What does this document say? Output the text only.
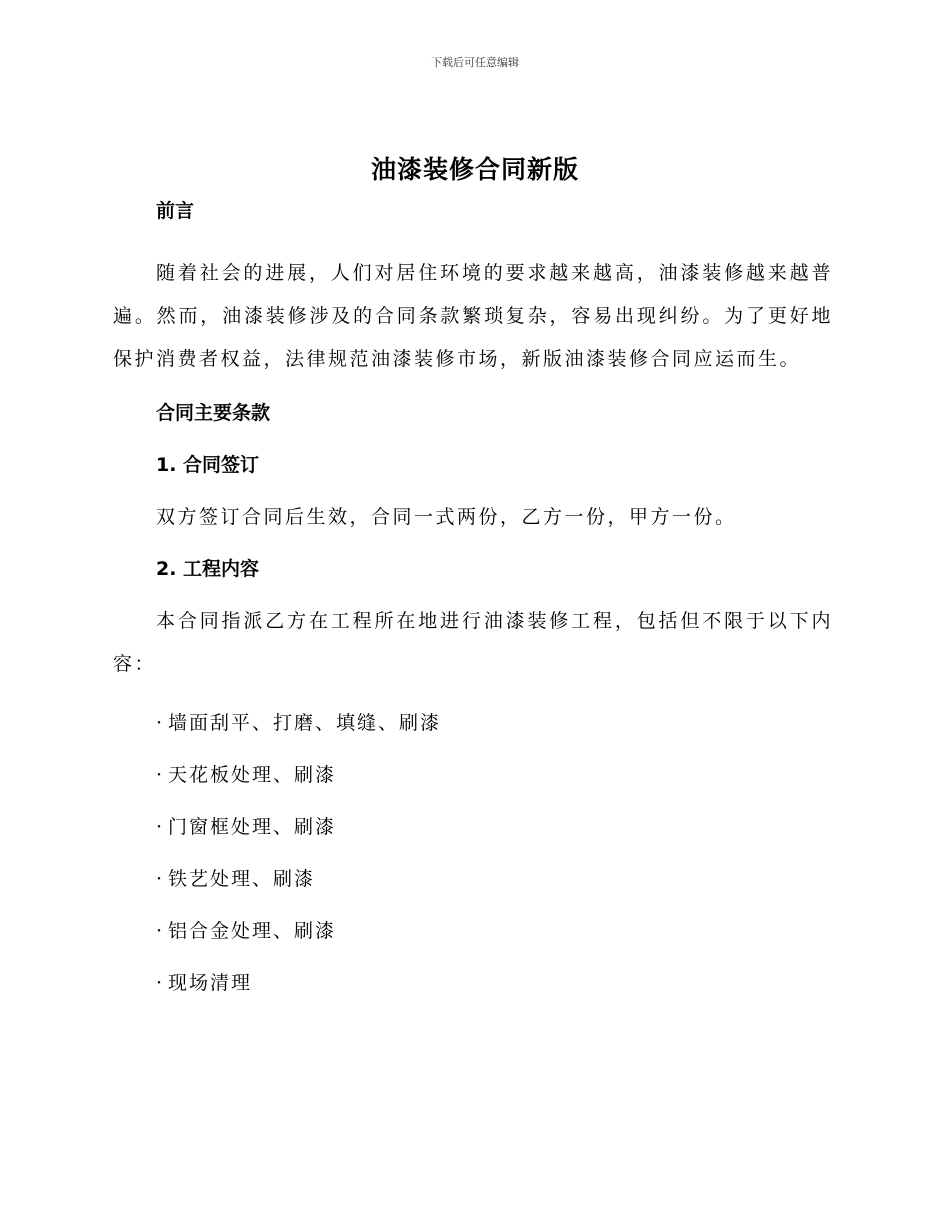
下载后可任意编辑
油漆装修合同新版

前言

随着社会的进展，人们对居住环境的要求越来越高，油漆装修越来越普遍。然而，油漆装修涉及的合同条款繁琐复杂，容易出现纠纷。为了更好地保护消费者权益，法律规范油漆装修市场，新版油漆装修合同应运而生。

合同主要条款

1. 合同签订

双方签订合同后生效，合同一式两份，乙方一份，甲方一份。

2. 工程内容

本合同指派乙方在工程所在地进行油漆装修工程，包括但不限于以下内容：

· 墙面刮平、打磨、填缝、刷漆

· 天花板处理、刷漆

· 门窗框处理、刷漆

· 铁艺处理、刷漆

· 铝合金处理、刷漆

· 现场清理
